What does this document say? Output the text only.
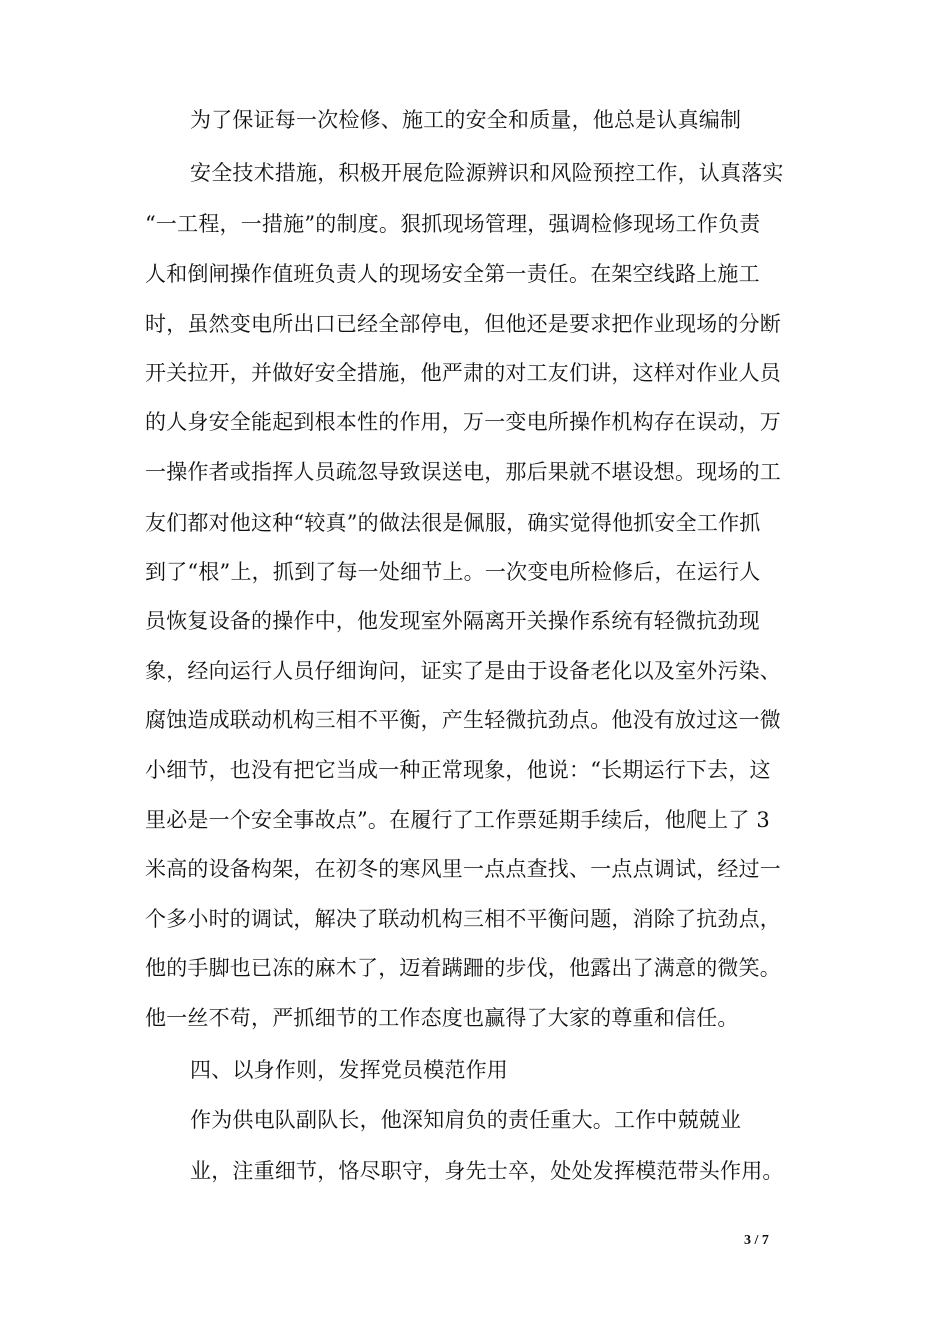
为了保证每一次检修、施工的安全和质量，他总是认真编制
安全技术措施，积极开展危险源辨识和风险预控工作，认真落实
“一工程，一措施”的制度。狠抓现场管理，强调检修现场工作负责
人和倒闸操作值班负责人的现场安全第一责任。在架空线路上施工
时，虽然变电所出口已经全部停电，但他还是要求把作业现场的分断
开关拉开，并做好安全措施，他严肃的对工友们讲，这样对作业人员
的人身安全能起到根本性的作用，万一变电所操作机构存在误动，万
一操作者或指挥人员疏忽导致误送电，那后果就不堪设想。现场的工
友们都对他这种“较真”的做法很是佩服，确实觉得他抓安全工作抓
到了“根”上，抓到了每一处细节上。一次变电所检修后，在运行人
员恢复设备的操作中，他发现室外隔离开关操作系统有轻微抗劲现
象，经向运行人员仔细询问，证实了是由于设备老化以及室外污染、
腐蚀造成联动机构三相不平衡，产生轻微抗劲点。他没有放过这一微
小细节，也没有把它当成一种正常现象，他说：“长期运行下去，这
里必是一个安全事故点”。在履行了工作票延期手续后，他爬上了 3
米高的设备构架，在初冬的寒风里一点点查找、一点点调试，经过一
个多小时的调试，解决了联动机构三相不平衡问题，消除了抗劲点，
他的手脚也已冻的麻木了，迈着蹒跚的步伐，他露出了满意的微笑。
他一丝不苟，严抓细节的工作态度也赢得了大家的尊重和信任。
四、以身作则，发挥党员模范作用
作为供电队副队长，他深知肩负的责任重大。工作中兢兢业
业，注重细节，恪尽职守，身先士卒，处处发挥模范带头作用。
3 / 7
